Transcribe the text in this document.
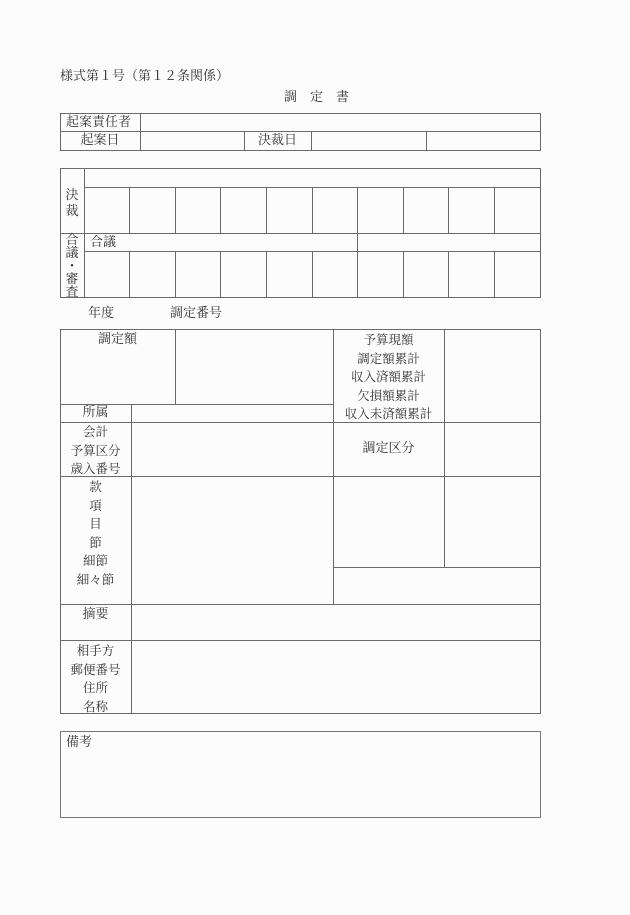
様式第１号（第１２条関係）
調　定　書
起案責任者
起案日	決裁日
決
裁
合
議
・
審
査
合議
年度	調定番号
調定額
所属
予算現額
調定額累計
収入済額累計
欠損額累計
収入未済額累計
会計
予算区分
歳入番号
調定区分
款
項
目
節
細節
細々節
摘要
相手方
郵便番号
住所
名称
備考
